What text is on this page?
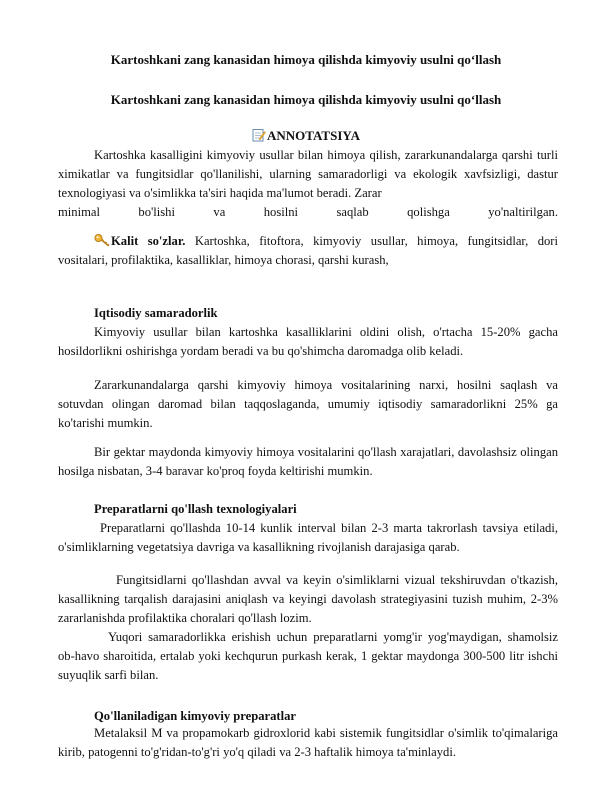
Kartoshkani zang kanasidan himoya qilishda kimyoviy usulni qo‘llash
Kartoshkani zang kanasidan himoya qilishda kimyoviy usulni qo‘llash
ANNOTATSIYA
Kartoshka kasalligini kimyoviy usullar bilan himoya qilish, zararkunandalarga qarshi turli ximikatlar va fungitsidlar qo'llanilishi, ularning samaradorligi va ekologik xavfsizligi, dastur texnologiyasi va o'simlikka ta'siri haqida ma'lumot beradi. Zarar
minimal bo'lishi va hosilni saqlab qolishga yo'naltirilgan.
Kalit so'zlar. Kartoshka, fitoftora, kimyoviy usullar, himoya, fungitsidlar, dori vositalari, profilaktika, kasalliklar, himoya chorasi, qarshi kurash,
Iqtisodiy samaradorlik
Kimyoviy usullar bilan kartoshka kasalliklarini oldini olish, o'rtacha 15-20% gacha hosildorlikni oshirishga yordam beradi va bu qo'shimcha daromadga olib keladi.
Zararkunandalarga qarshi kimyoviy himoya vositalarining narxi, hosilni saqlash va sotuvdan olingan daromad bilan taqqoslaganda, umumiy iqtisodiy samaradorlikni 25% ga ko'tarishi mumkin.
Bir gektar maydonda kimyoviy himoya vositalarini qo'llash xarajatlari, davolashsiz olingan hosilga nisbatan, 3-4 baravar ko'proq foyda keltirishi mumkin.
Preparatlarni qo'llash texnologiyalari
Preparatlarni qo'llashda 10-14 kunlik interval bilan 2-3 marta takrorlash tavsiya etiladi, o'simliklarning vegetatsiya davriga va kasallikning rivojlanish darajasiga qarab.
Fungitsidlarni qo'llashdan avval va keyin o'simliklarni vizual tekshiruvdan o'tkazish, kasallikning tarqalish darajasini aniqlash va keyingi davolash strategiyasini tuzish muhim, 2-3% zararlanishda profilaktika choralari qo'llash lozim.
Yuqori samaradorlikka erishish uchun preparatlarni yomg'ir yog'maydigan, shamolsiz ob-havo sharoitida, ertalab yoki kechqurun purkash kerak, 1 gektar maydonga 300-500 litr ishchi suyuqlik sarfi bilan.
Qo'llaniladigan kimyoviy preparatlar
Metalaksil M va propamokarb gidroxlorid kabi sistemik fungitsidlar o'simlik to'qimalariga kirib, patogenni to'g'ridan-to'g'ri yo'q qiladi va 2-3 haftalik himoya ta'minlaydi.
